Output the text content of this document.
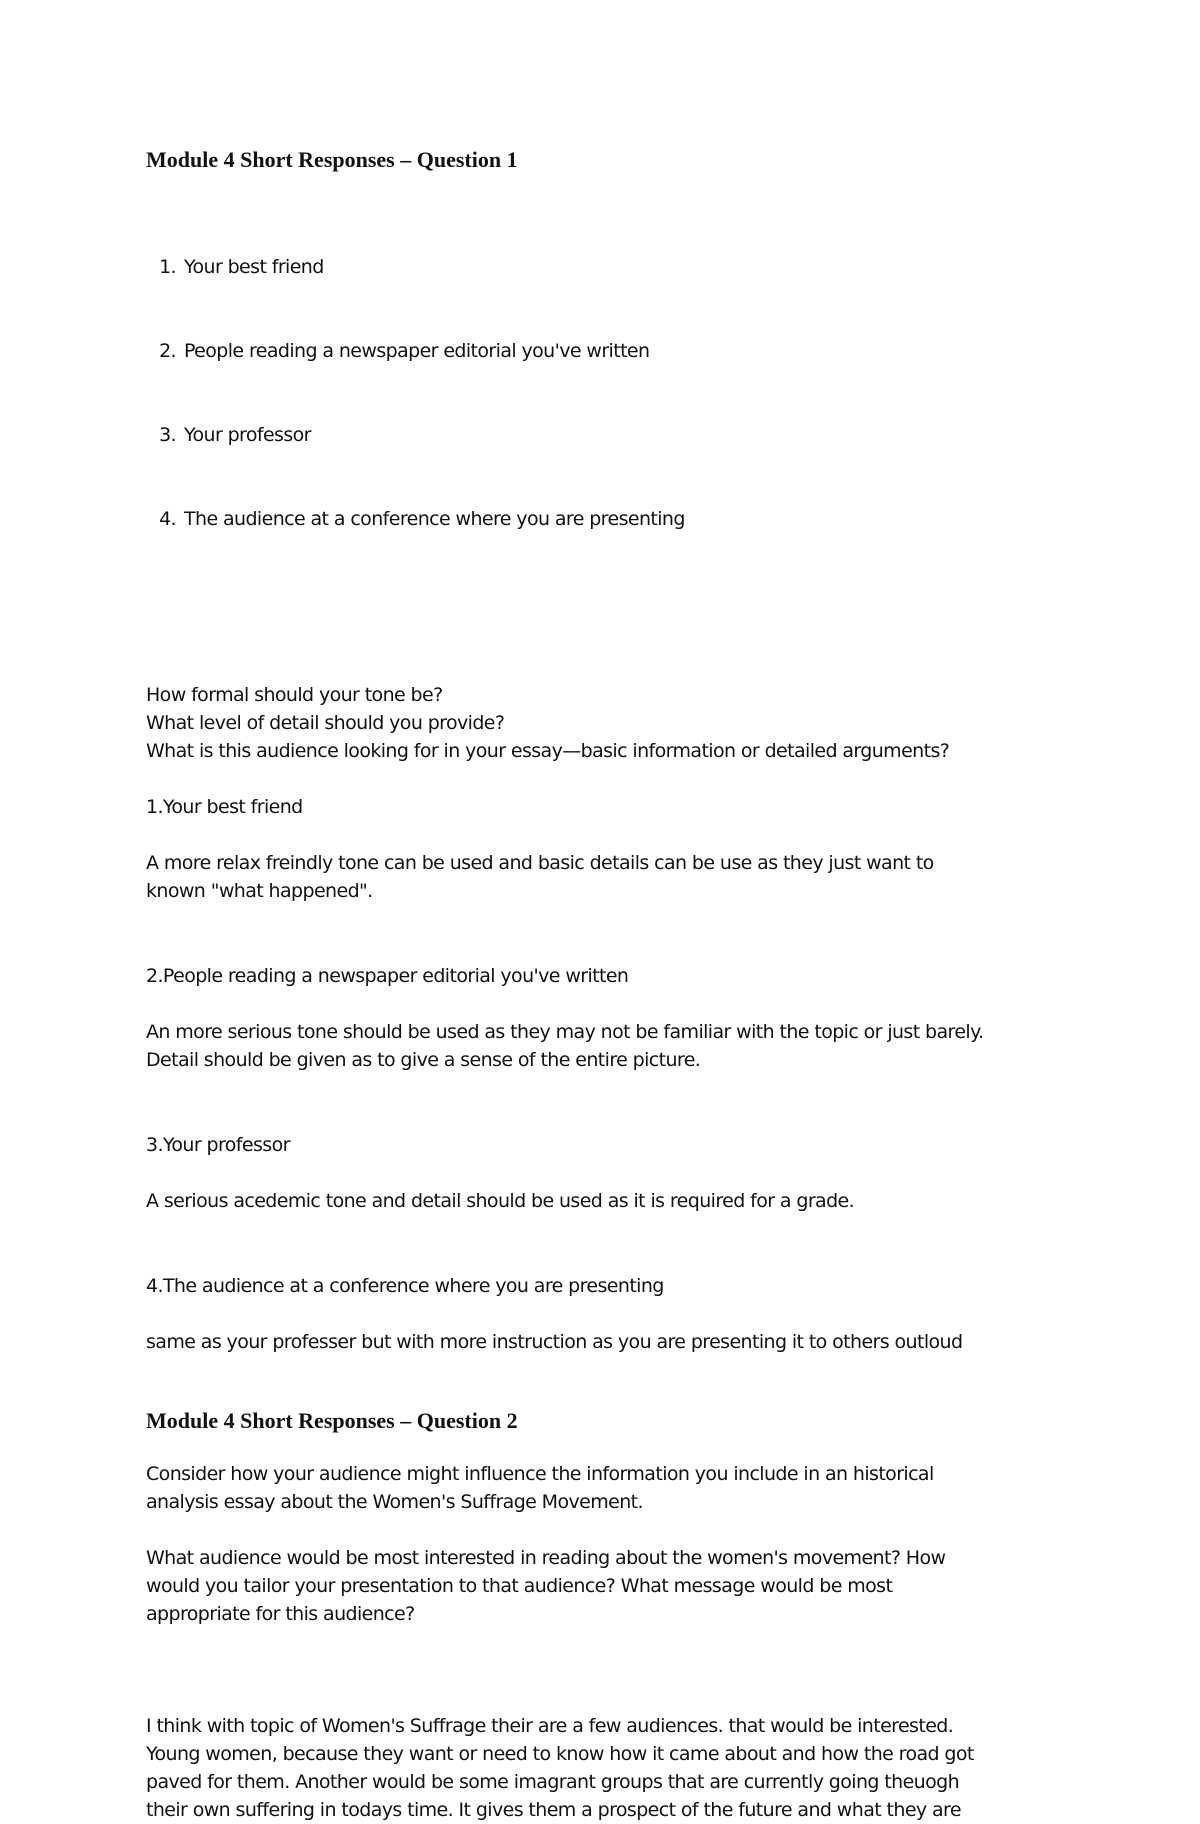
Module 4 Short Responses – Question 1

1. Your best friend

2. People reading a newspaper editorial you've written

3. Your professor

4. The audience at a conference where you are presenting

How formal should your tone be?

What level of detail should you provide?

What is this audience looking for in your essay—basic information or detailed arguments?

1.Your best friend

A more relax freindly tone can be used and basic details can be use as they just want to

known "what happened".

2.People reading a newspaper editorial you've written

An more serious tone should be used as they may not be familiar with the topic or just barely.

Detail should be given as to give a sense of the entire picture.

3.Your professor

A serious acedemic tone and detail should be used as it is required for a grade.

4.The audience at a conference where you are presenting

same as your professer but with more instruction as you are presenting it to others outloud

Module 4 Short Responses – Question 2

Consider how your audience might influence the information you include in an historical

analysis essay about the Women's Suffrage Movement.

What audience would be most interested in reading about the women's movement? How

would you tailor your presentation to that audience? What message would be most

appropriate for this audience?

I think with topic of Women's Suffrage their are a few audiences. that would be interested.

Young women, because they want or need to know how it came about and how the road got

paved for them. Another would be some imagrant groups that are currently going theuogh

their own suffering in todays time. It gives them a prospect of the future and what they are
